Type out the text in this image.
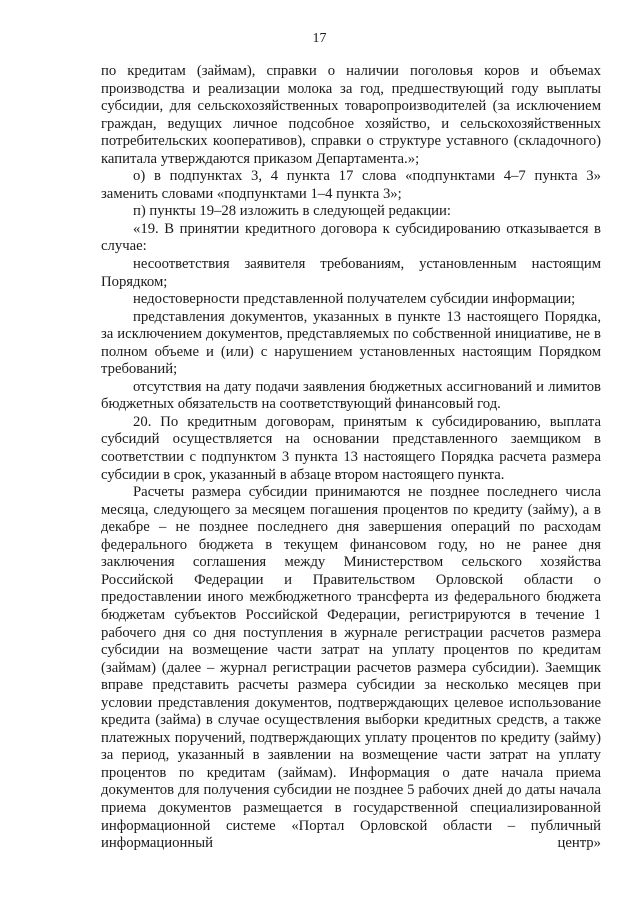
17

по кредитам (займам), справки о наличии поголовья коров и объемах производства и реализации молока за год, предшествующий году выплаты субсидии, для сельскохозяйственных товаропроизводителей (за исключением граждан, ведущих личное подсобное хозяйство, и сельскохозяйственных потребительских кооперативов), справки о структуре уставного (складочного) капитала утверждаются приказом Департамента.»;

о) в подпунктах 3, 4 пункта 17 слова «подпунктами 4–7 пункта 3» заменить словами «подпунктами 1–4 пункта 3»;

п) пункты 19–28 изложить в следующей редакции:

«19. В принятии кредитного договора к субсидированию отказывается в случае:

несоответствия заявителя требованиям, установленным настоящим Порядком;

недостоверности представленной получателем субсидии информации;

представления документов, указанных в пункте 13 настоящего Порядка, за исключением документов, представляемых по собственной инициативе, не в полном объеме и (или) с нарушением установленных настоящим Порядком требований;

отсутствия на дату подачи заявления бюджетных ассигнований и лимитов бюджетных обязательств на соответствующий финансовый год.

20. По кредитным договорам, принятым к субсидированию, выплата субсидий осуществляется на основании представленного заемщиком в соответствии с подпунктом 3 пункта 13 настоящего Порядка расчета размера субсидии в срок, указанный в абзаце втором настоящего пункта.

Расчеты размера субсидии принимаются не позднее последнего числа месяца, следующего за месяцем погашения процентов по кредиту (займу), а в декабре – не позднее последнего дня завершения операций по расходам федерального бюджета в текущем финансовом году, но не ранее дня заключения соглашения между Министерством сельского хозяйства Российской Федерации и Правительством Орловской области о предоставлении иного межбюджетного трансферта из федерального бюджета бюджетам субъектов Российской Федерации, регистрируются в течение 1 рабочего дня со дня поступления в журнале регистрации расчетов размера субсидии на возмещение части затрат на уплату процентов по кредитам (займам) (далее – журнал регистрации расчетов размера субсидии). Заемщик вправе представить расчеты размера субсидии за несколько месяцев при условии представления документов, подтверждающих целевое использование кредита (займа) в случае осуществления выборки кредитных средств, а также платежных поручений, подтверждающих уплату процентов по кредиту (займу) за период, указанный в заявлении на возмещение части затрат на уплату процентов по кредитам (займам). Информация о дате начала приема документов для получения субсидии не позднее 5 рабочих дней до даты начала приема документов размещается в государственной специализированной информационной системе «Портал Орловской области – публичный информационный центр»
